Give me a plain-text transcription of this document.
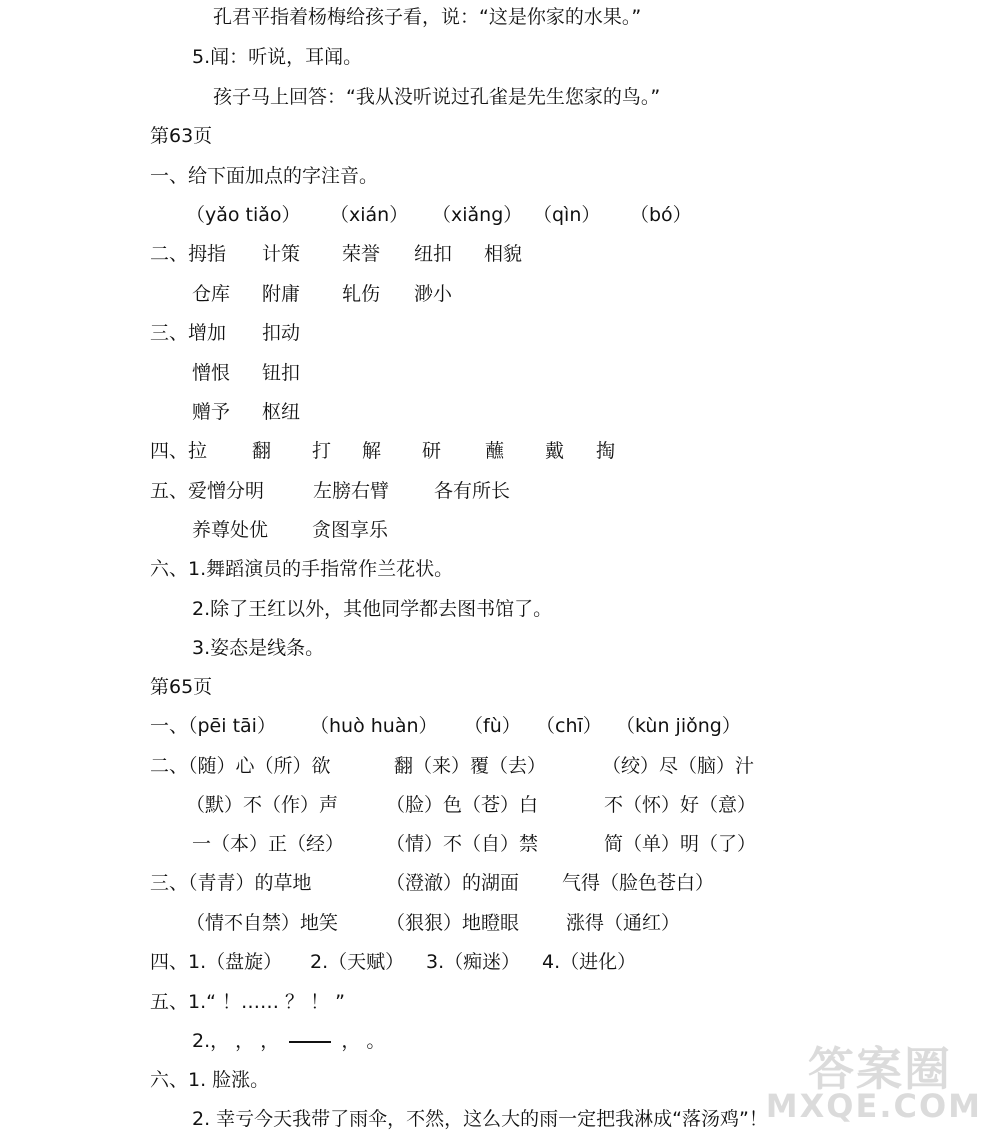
孔君平指着杨梅给孩子看，说：“这是你家的水果。”
5.闻：听说，耳闻。
孩子马上回答：“我从没听说过孔雀是先生您家的鸟。”
第63页
一、给下面加点的字注音。
（yǎo tiǎo） （xián） （xiǎng） （qìn） （bó）
二、拇指 计策 荣誉 纽扣 相貌
仓库 附庸 轧伤 渺小
三、增加 扣动
憎恨 钮扣
赠予 枢纽
四、拉 翻 打 解 研 蘸 戴 掏
五、爱憎分明	左膀右臂 各有所长
养尊处优 贪图享乐
六、1.舞蹈演员的手指常作兰花状。
2.除了王红以外，其他同学都去图书馆了。
3.姿态是线条。
第65页
一、（pēi tāi） （huò huàn） （fù） （chī） （kùn jiǒng）
二、（随）心（所）欲	翻（来）覆（去）	（绞）尽（脑）汁
（默）不（作）声	（脸）色（苍）白	不（怀）好（意）
一（本）正（经） （情）不（自）禁	简（单）明（了）
三、（青青）的草地	（澄澈）的湖面 气得（脸色苍白）
（情不自禁）地笑	（狠狠）地瞪眼 涨得（通红）
四、1.（盘旋） 2.（天赋） 3.（痴迷） 4.（进化）
五、1.“ ！…… ？ ！ ”
2.， ， ，	， 。
六、1. 脸涨。
2. 幸亏今天我带了雨伞，不然，这么大的雨一定把我淋成“落汤鸡”！
答案圈
MXQE.COM
